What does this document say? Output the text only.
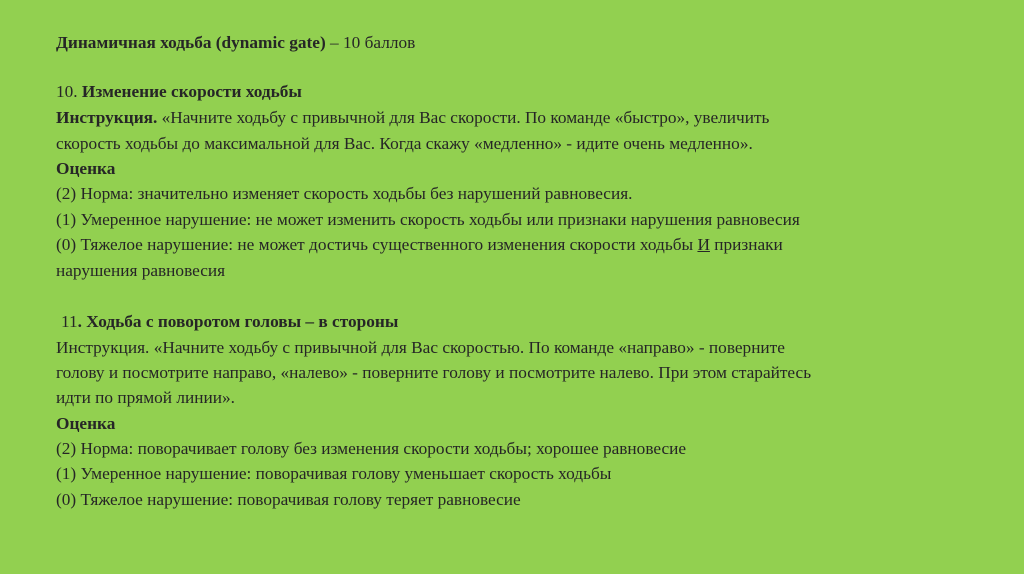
Динамичная ходьба (dynamic gate) – 10 баллов
10. Изменение скорости ходьбы
Инструкция. «Начните ходьбу с привычной для Вас скорости. По команде «быстро», увеличить
скорость ходьбы до максимальной для Вас. Когда скажу «медленно» - идите очень медленно».
Оценка
(2) Норма: значительно изменяет скорость ходьбы без нарушений равновесия.
(1) Умеренное нарушение: не может изменить скорость ходьбы или признаки нарушения равновесия
(0) Тяжелое нарушение: не может достичь существенного изменения скорости ходьбы И признаки
нарушения равновесия
11. Ходьба с поворотом головы – в стороны
Инструкция. «Начните ходьбу с привычной для Вас скоростью. По команде «направо» - поверните
голову и посмотрите направо, «налево» - поверните голову и посмотрите налево. При этом старайтесь
идти по прямой линии».
Оценка
(2) Норма: поворачивает голову без изменения скорости ходьбы; хорошее равновесие
(1) Умеренное нарушение: поворачивая голову уменьшает скорость ходьбы
(0) Тяжелое нарушение: поворачивая голову теряет равновесие
